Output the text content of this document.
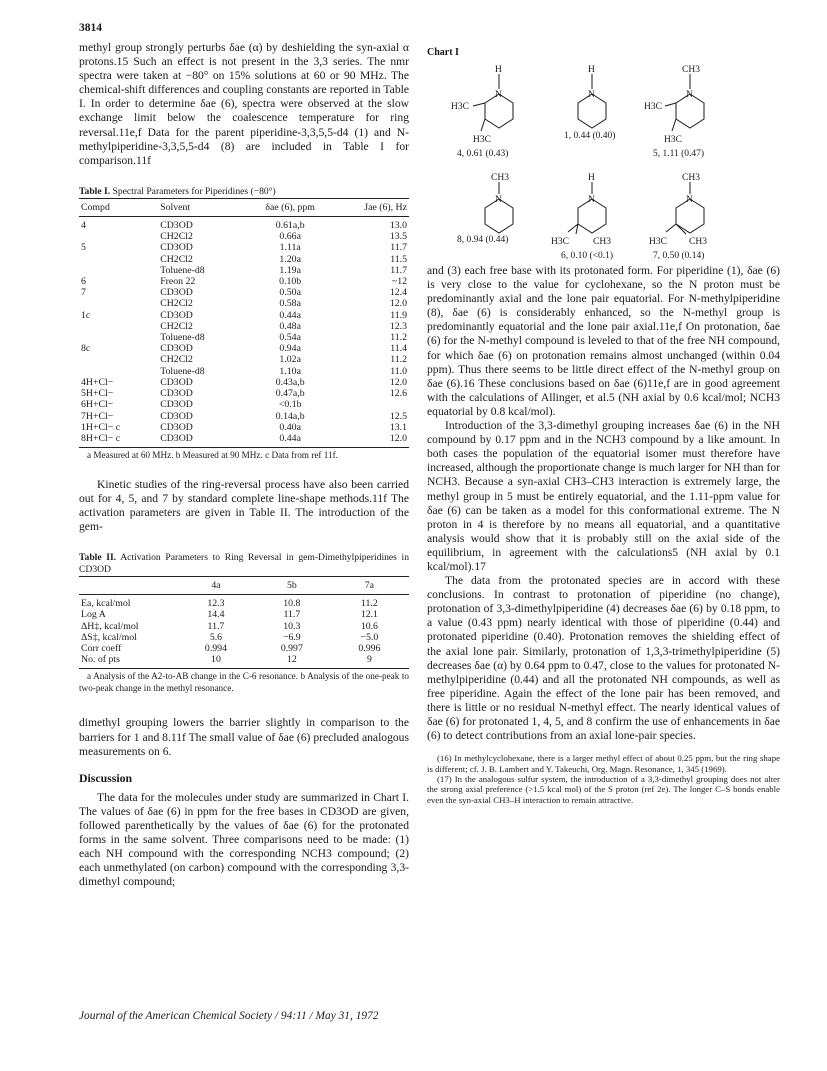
3814

methyl group strongly perturbs δae (α) by deshielding the syn-axial α protons.15 Such an effect is not present in the 3,3 series. The nmr spectra were taken at −80° on 15% solutions at 60 or 90 MHz. The chemical-shift differences and coupling constants are reported in Table I. In order to determine δae (6), spectra were observed at the slow exchange limit below the coalescence temperature for ring reversal.11e,f Data for the parent piperidine-3,3,5,5-d4 (1) and N-methylpiperidine-3,3,5,5-d4 (8) are included in Table I for comparison.11f

Table I. Spectral Parameters for Piperidines (−80°)

Compd	Solvent	δae (6), ppm	Jae (6), Hz
4	CD3OD	0.61a,b	13.0
	CH2Cl2	0.66a	13.5
5	CD3OD	1.11a	11.7
	CH2Cl2	1.20a	11.5
	Toluene-d8	1.19a	11.7
6	Freon 22	0.10b	~12
7	CD3OD	0.50a	12.4
	CH2Cl2	0.58a	12.0
1c	CD3OD	0.44a	11.9
	CH2Cl2	0.48a	12.3
	Toluene-d8	0.54a	11.2
8c	CD3OD	0.94a	11.4
	CH2Cl2	1.02a	11.2
	Toluene-d8	1.10a	11.0
4H+Cl−	CD3OD	0.43a,b	12.0
5H+Cl−	CD3OD	0.47a,b	12.6
6H+Cl−	CD3OD	<0.1b	
7H+Cl−	CD3OD	0.14a,b	12.5
1H+Cl− c	CD3OD	0.40a	13.1
8H+Cl− c	CD3OD	0.44a	12.0

a Measured at 60 MHz. b Measured at 90 MHz. c Data from ref 11f.

Kinetic studies of the ring-reversal process have also been carried out for 4, 5, and 7 by standard complete line-shape methods.11f The activation parameters are given in Table II. The introduction of the gem-

Table II. Activation Parameters to Ring Reversal in gem-Dimethylpiperidines in CD3OD

	4a	5b	7a
Ea, kcal/mol	12.3	10.8	11.2
Log A	14.4	11.7	12.1
ΔH‡, kcal/mol	11.7	10.3	10.6
ΔS‡, kcal/mol	5.6	−6.9	−5.0
Corr coeff	0.994	0.997	0.996
No. of pts	10	12	9

a Analysis of the A2-to-AB change in the C-6 resonance. b Analysis of the one-peak to two-peak change in the methyl resonance.

dimethyl grouping lowers the barrier slightly in comparison to the barriers for 1 and 8.11f The small value of δae (6) precluded analogous measurements on 6.

Discussion

The data for the molecules under study are summarized in Chart I. The values of δae (6) in ppm for the free bases in CD3OD are given, followed parenthetically by the values of δae (6) for the protonated forms in the same solvent. Three comparisons need to be made: (1) each NH compound with the corresponding NCH3 compound; (2) each unmethylated (on carbon) compound with the corresponding 3,3-dimethyl compound;

Chart I
H
N
H3C
H3C
4, 0.61 (0.43)
H
N
1, 0.44 (0.40)
CH3
N
H3C
H3C
5, 1.11 (0.47)
CH3
N
8, 0.94 (0.44)
H
N
H3C	CH3
6, 0.10 (<0.1)
CH3
N
H3C CH3
7, 0.50 (0.14)

and (3) each free base with its protonated form. For piperidine (1), δae (6) is very close to the value for cyclohexane, so the N proton must be predominantly axial and the lone pair equatorial. For N-methylpiperidine (8), δae (6) is considerably enhanced, so the N-methyl group is predominantly equatorial and the lone pair axial.11e,f On protonation, δae (6) for the N-methyl compound is leveled to that of the free NH compound, for which δae (6) on protonation remains almost unchanged (within 0.04 ppm). Thus there seems to be little direct effect of the N-methyl group on δae (6).16 These conclusions based on δae (6)11e,f are in good agreement with the calculations of Allinger, et al.5 (NH axial by 0.6 kcal/mol; NCH3 equatorial by 0.8 kcal/mol).

Introduction of the 3,3-dimethyl grouping increases δae (6) in the NH compound by 0.17 ppm and in the NCH3 compound by a like amount. In both cases the population of the equatorial isomer must therefore have increased, although the proportionate change is much larger for NH than for NCH3. Because a syn-axial CH3–CH3 interaction is extremely large, the methyl group in 5 must be entirely equatorial, and the 1.11-ppm value for δae (6) can be taken as a model for this conformational extreme. The N proton in 4 is therefore by no means all equatorial, and a quantitative analysis would show that it is probably still on the axial side of the equilibrium, in agreement with the calculations5 (NH axial by 0.1 kcal/mol).17

The data from the protonated species are in accord with these conclusions. In contrast to protonation of piperidine (no change), protonation of 3,3-dimethylpiperidine (4) decreases δae (6) by 0.18 ppm, to a value (0.43 ppm) nearly identical with those of piperidine (0.44) and protonated piperidine (0.40). Protonation removes the shielding effect of the axial lone pair. Similarly, protonation of 1,3,3-trimethylpiperidine (5) decreases δae (α) by 0.64 ppm to 0.47, close to the values for protonated N-methylpiperidine (0.44) and all the protonated NH compounds, as well as free piperidine. Again the effect of the lone pair has been removed, and there is little or no residual N-methyl effect. The nearly identical values of δae (6) for protonated 1, 4, 5, and 8 confirm the use of enhancements in δae (6) to detect contributions from an axial lone-pair species.

(16) In methylcyclohexane, there is a larger methyl effect of about 0.25 ppm, but the ring shape is different; cf. J. B. Lambert and Y. Takeuchi, Org. Magn. Resonance, 1, 345 (1969).

(17) In the analogous sulfur system, the introduction of a 3,3-dimethyl grouping does not alter the strong axial preference (>1.5 kcal mol) of the S proton (ref 2e). The longer C–S bonds enable even the syn-axial CH3–H interaction to remain attractive.

Journal of the American Chemical Society / 94:11 / May 31, 1972
